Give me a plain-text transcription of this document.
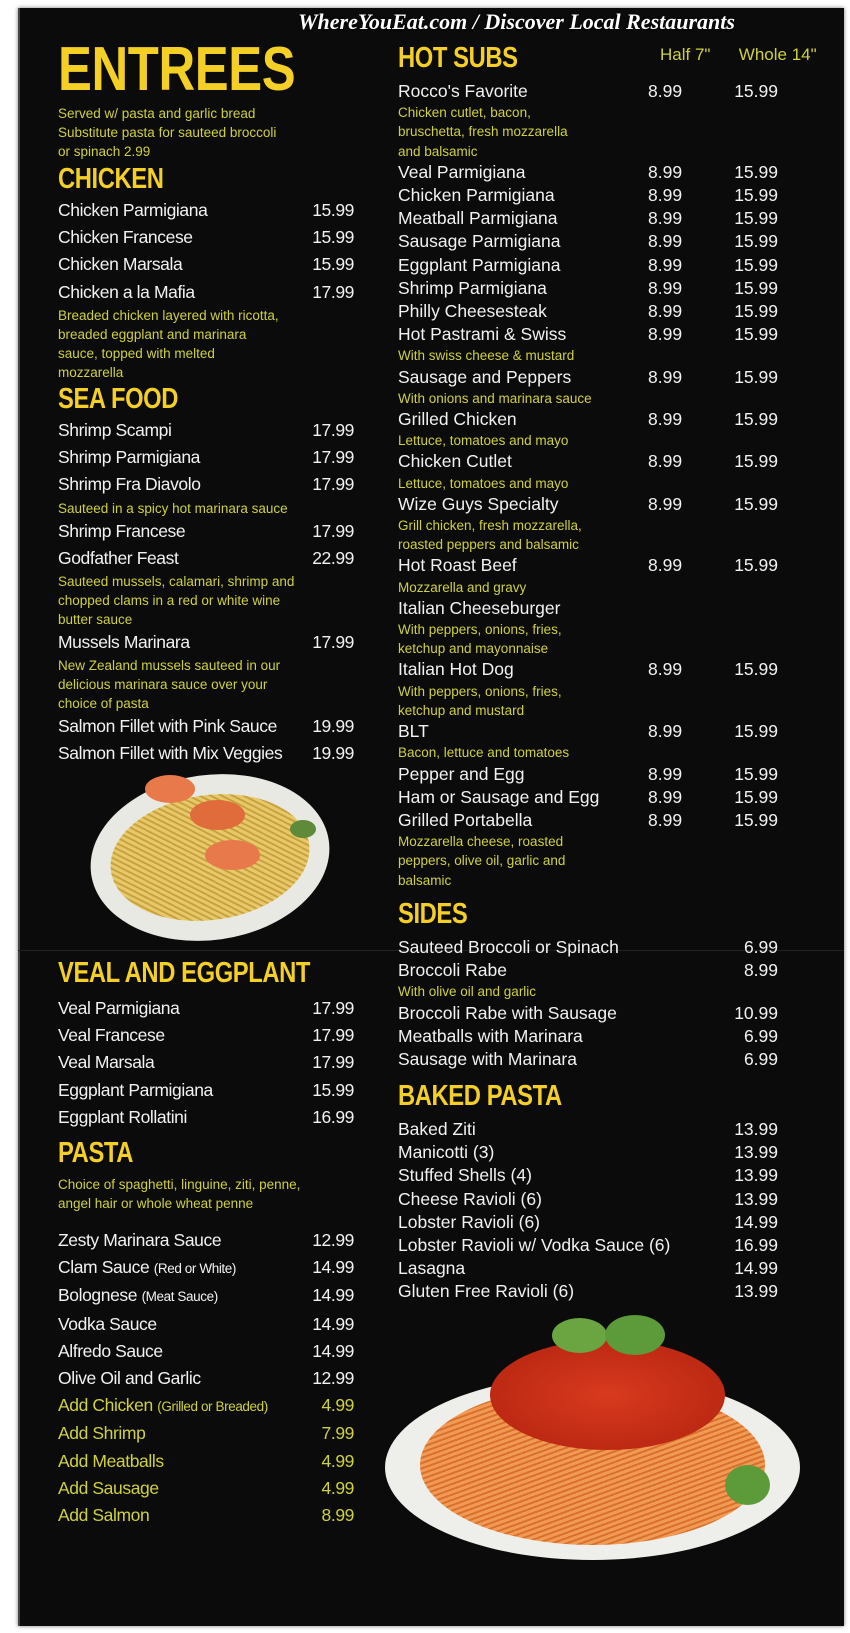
WhereYouEat.com / Discover Local Restaurants
ENTREES
Served w/ pasta and garlic bread
Substitute pasta for sauteed broccoli
or spinach 2.99
CHICKEN
Chicken Parmigiana	15.99
Chicken Francese	15.99
Chicken Marsala	15.99
Chicken a la Mafia	17.99
Breaded chicken layered with ricotta,
breaded eggplant and marinara
sauce, topped with melted
mozzarella
SEA FOOD
Shrimp Scampi	17.99
Shrimp Parmigiana	17.99
Shrimp Fra Diavolo	17.99
Sauteed in a spicy hot marinara sauce
Shrimp Francese	17.99
Godfather Feast	22.99
Sauteed mussels, calamari, shrimp and
chopped clams in a red or white wine
butter sauce
Mussels Marinara	17.99
New Zealand mussels sauteed in our
delicious marinara sauce over your
choice of pasta
Salmon Fillet with Pink Sauce	19.99
Salmon Fillet with Mix Veggies	19.99
VEAL AND EGGPLANT
Veal Parmigiana	17.99
Veal Francese	17.99
Veal Marsala	17.99
Eggplant Parmigiana	15.99
Eggplant Rollatini	16.99
PASTA
Choice of spaghetti, linguine, ziti, penne,
angel hair or whole wheat penne
Zesty Marinara Sauce	12.99
Clam Sauce (Red or White)	14.99
Bolognese (Meat Sauce)	14.99
Vodka Sauce	14.99
Alfredo Sauce	14.99
Olive Oil and Garlic	12.99
Add Chicken (Grilled or Breaded)	4.99
Add Shrimp	7.99
Add Meatballs	4.99
Add Sausage	4.99
Add Salmon	8.99
HOT SUBS
Rocco's Favorite	8.99	15.99
Chicken cutlet, bacon,
bruschetta, fresh mozzarella
and balsamic
Veal Parmigiana	8.99	15.99
Chicken Parmigiana	8.99	15.99
Meatball Parmigiana	8.99	15.99
Sausage Parmigiana	8.99	15.99
Eggplant Parmigiana	8.99	15.99
Shrimp Parmigiana	8.99	15.99
Philly Cheesesteak	8.99	15.99
Hot Pastrami & Swiss	8.99	15.99
With swiss cheese & mustard
Sausage and Peppers	8.99	15.99
With onions and marinara sauce
Grilled Chicken	8.99	15.99
Lettuce, tomatoes and mayo
Chicken Cutlet	8.99	15.99
Lettuce, tomatoes and mayo
Wize Guys Specialty	8.99	15.99
Grill chicken, fresh mozzarella,
roasted peppers and balsamic
Hot Roast Beef	8.99	15.99
Mozzarella and gravy
Italian Cheeseburger
With peppers, onions, fries,
ketchup and mayonnaise
Italian Hot Dog	8.99	15.99
With peppers, onions, fries,
ketchup and mustard
BLT	8.99	15.99
Bacon, lettuce and tomatoes
Pepper and Egg	8.99	15.99
Ham or Sausage and Egg	8.99	15.99
Grilled Portabella	8.99	15.99
Mozzarella cheese, roasted
peppers, olive oil, garlic and
balsamic
Half 7" Whole 14"
SIDES
Sauteed Broccoli or Spinach	6.99
Broccoli Rabe	8.99
With olive oil and garlic
Broccoli Rabe with Sausage	10.99
Meatballs with Marinara	6.99
Sausage with Marinara	6.99
BAKED PASTA
Baked Ziti	13.99
Manicotti (3)	13.99
Stuffed Shells (4)	13.99
Cheese Ravioli (6)	13.99
Lobster Ravioli (6)	14.99
Lobster Ravioli w/ Vodka Sauce (6)	16.99
Lasagna	14.99
Gluten Free Ravioli (6)	13.99
